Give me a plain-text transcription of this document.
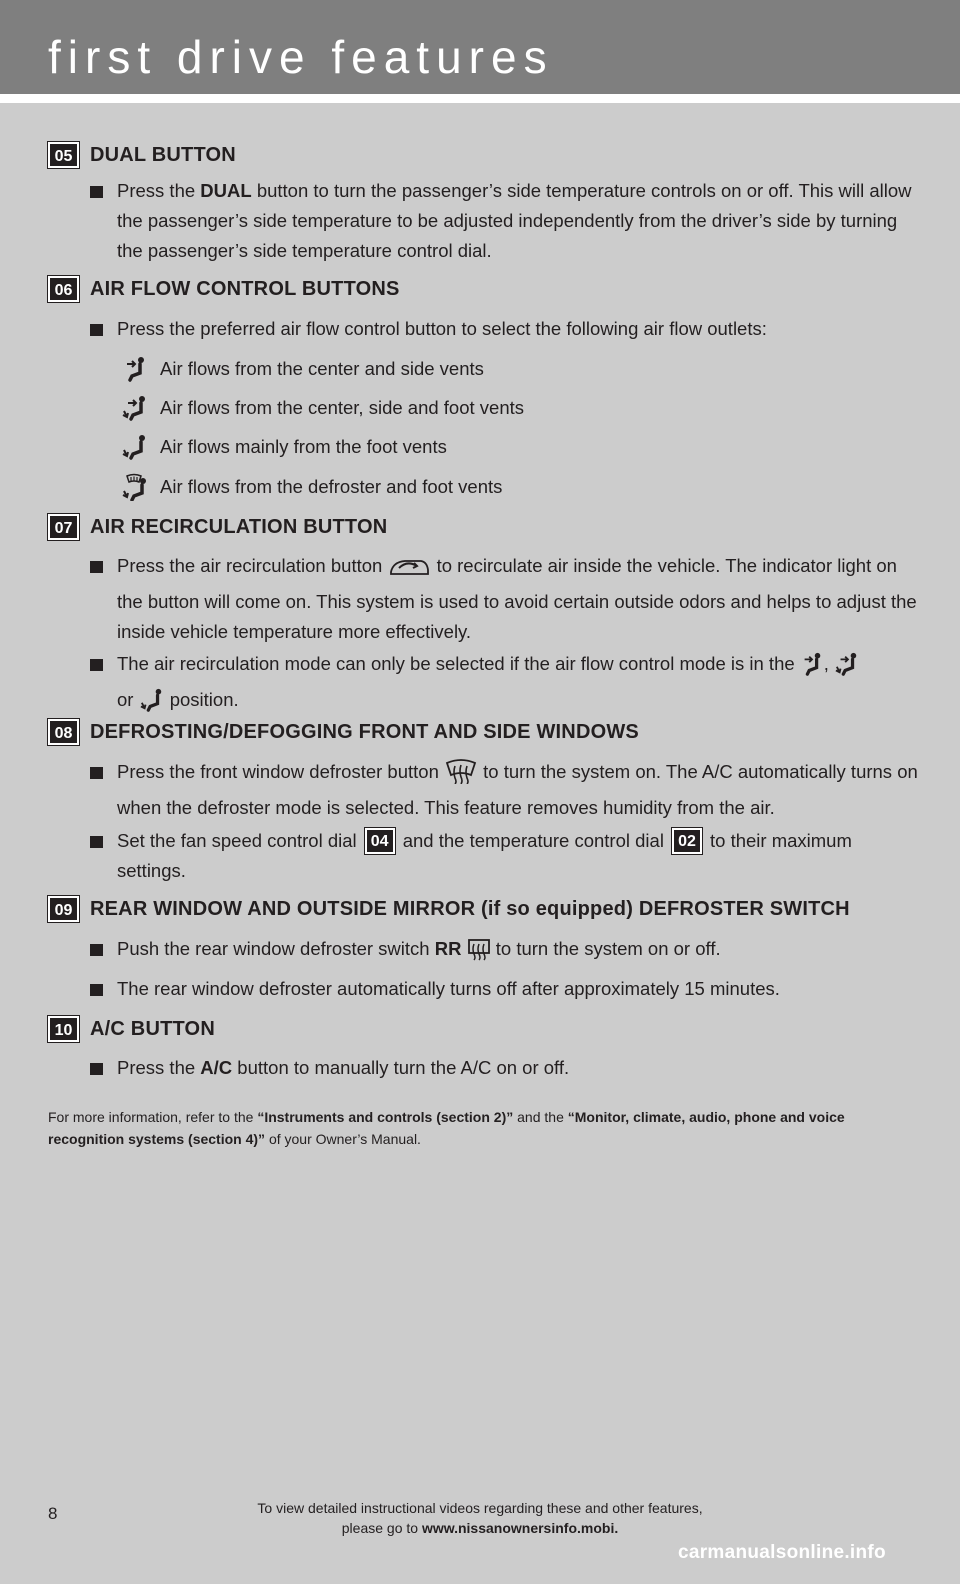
first drive features
05 DUAL BUTTON
Press the DUAL button to turn the passenger’s side temperature controls on or off. This will allow the passenger’s side temperature to be adjusted independently from the driver’s side by turning the passenger’s side temperature control dial.
06 AIR FLOW CONTROL BUTTONS
Press the preferred air flow control button to select the following air flow outlets:
Air flows from the center and side vents
Air flows from the center, side and foot vents
Air flows mainly from the foot vents
Air flows from the defroster and foot vents
07 AIR RECIRCULATION BUTTON
Press the air recirculation button  to recirculate air inside the vehicle. The indicator light on the button will come on. This system is used to avoid certain outside odors and helps to adjust the inside vehicle temperature more effectively.
The air recirculation mode can only be selected if the air flow control mode is in the ,
or  position.
08 DEFROSTING/DEFOGGING FRONT AND SIDE WINDOWS
Press the front window defroster button  to turn the system on. The A/C automatically turns on when the defroster mode is selected. This feature removes humidity from the air.
Set the fan speed control dial 04 and the temperature control dial 02 to their maximum settings.
09 REAR WINDOW AND OUTSIDE MIRROR (if so equipped) DEFROSTER SWITCH
Push the rear window defroster switch RR  to turn the system on or off.
The rear window defroster automatically turns off after approximately 15 minutes.
10 A/C BUTTON
Press the A/C button to manually turn the A/C on or off.
For more information, refer to the “Instruments and controls (section 2)” and the “Monitor, climate, audio, phone and voice recognition systems (section 4)” of your Owner’s Manual.
8	To view detailed instructional videos regarding these and other features,
please go to www.nissanownersinfo.mobi.
carmanualsonline.info
